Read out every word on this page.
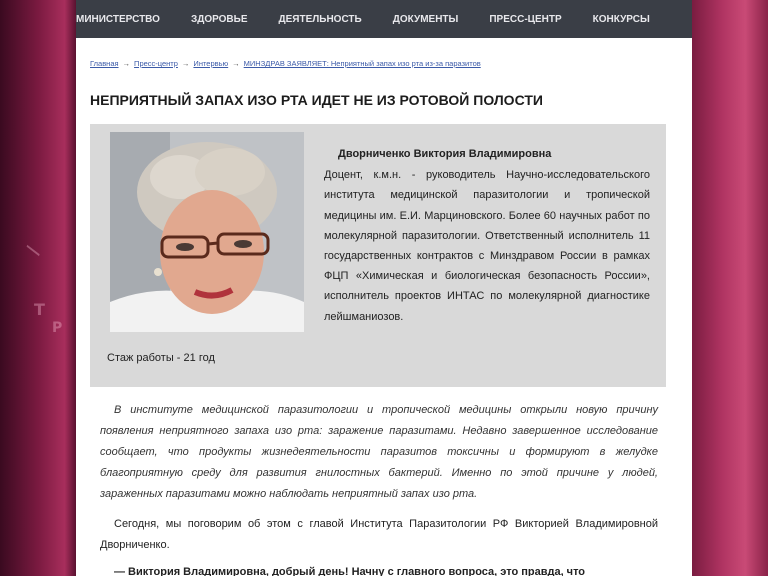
/
Т
Р
МИНИСТЕРСТВО	ЗДОРОВЬЕ	ДЕЯТЕЛЬНОСТЬ	ДОКУМЕНТЫ	ПРЕСС-ЦЕНТР	КОНКУРСЫ
Главная → Пресс-центр → Интервью → МИНЗДРАВ ЗАЯВЛЯЕТ: Неприятный запах изо рта из-за паразитов
НЕПРИЯТНЫЙ ЗАПАХ ИЗО РТА ИДЕТ НЕ ИЗ РОТОВОЙ ПОЛОСТИ
Стаж работы - 21 год
Дворниченко Виктория Владимировна
Доцент, к.м.н. - руководитель Научно-исследовательского института медицинской паразитологии и тропической медицины им. Е.И. Марциновского. Более 60 научных работ по молекулярной паразитологии. Ответственный исполнитель 11 государственных контрактов с Минздравом России в рамках ФЦП «Химическая и биологическая безопасность России», исполнитель проектов ИНТАС по молекулярной диагностике лейшманиозов.
В институте медицинской паразитологии и тропической медицины открыли новую причину появления неприятного запаха изо рта: заражение паразитами. Недавно завершенное исследование сообщает, что продукты жизнедеятельности паразитов токсичны и формируют в желудке благоприятную среду для развития гнилостных бактерий. Именно по этой причине у людей, зараженных паразитами можно наблюдать неприятный запах изо рта.
Сегодня, мы поговорим об этом с главой Института Паразитологии РФ Викторией Владимировной Дворниченко.
— Виктория Владимировна, добрый день! Начну с главного вопроса, это правда, что
